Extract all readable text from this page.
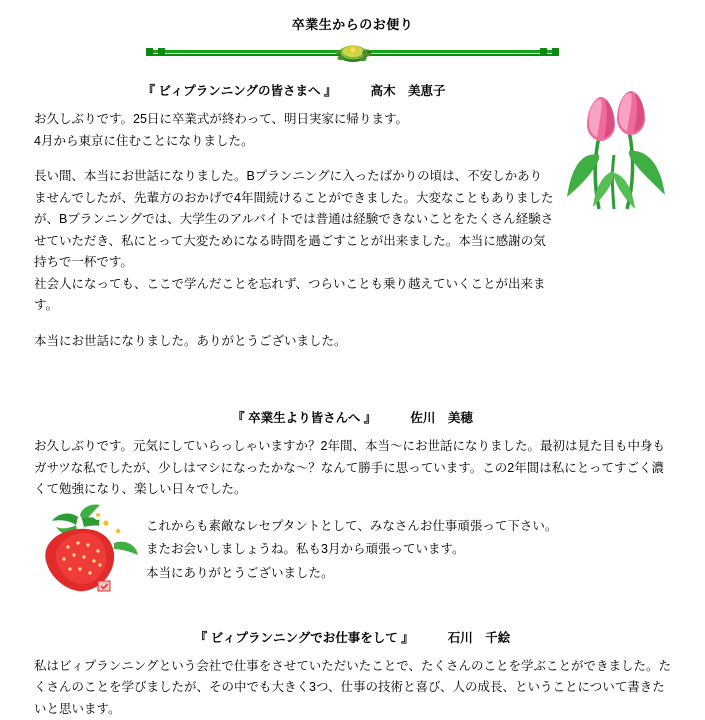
卒業生からのお便り
『 ビィプランニングの皆さまへ 』	高木　美恵子

お久しぶりです。25日に卒業式が終わって、明日実家に帰ります。
4月から東京に住むことになりました。

長い間、本当にお世話になりました。Bプランニングに入ったばかりの頃は、不安しかありませんでしたが、先輩方のおかげで4年間続けることができました。大変なこともありましたが、Bプランニングでは、大学生のアルバイトでは普通は経験できないことをたくさん経験させていただき、私にとって大変ためになる時間を過ごすことが出来ました。本当に感謝の気持ちで一杯です。
社会人になっても、ここで学んだことを忘れず、つらいことも乗り越えていくことが出来ます。

本当にお世話になりました。ありがとうございました。

『 卒業生より皆さんへ 』	佐川　美穂

お久しぶりです。元気にしていらっしゃいますか？2年間、本当～にお世話になりました。最初は見た目も中身もガサツな私でしたが、少しはマシになったかな～？なんて勝手に思っています。この2年間は私にとってすごく濃くて勉強になり、楽しい日々でした。

これからも素敵なレセプタントとして、みなさんお仕事頑張って下さい。
またお会いしましょうね。私も3月から頑張っています。
本当にありがとうございました。
『 ビィプランニングでお仕事をして 』	石川　千絵

私はビィプランニングという会社で仕事をさせていただいたことで、たくさんのことを学ぶことができました。たくさんのことを学びましたが、その中でも大きく3つ、仕事の技術と喜び、人の成長、ということについて書きたいと思います。
